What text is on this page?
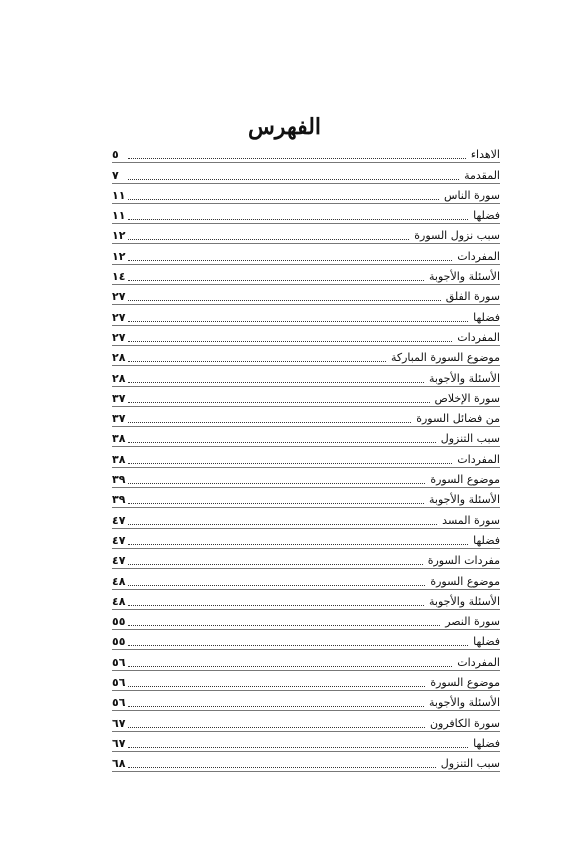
الفهرس
الاهداء
٥
المقدمة
٧
سورة الناس
١١
فضلها
١١
سبب نزول السورة
١٢
المفردات
١٢
الأسئلة والأجوبة
١٤
سورة الفلق
٢٧
فضلها
٢٧
المفردات
٢٧
موضوع السورة المباركة
٢٨
الأسئلة والأجوبة
٢٨
سورة الإخلاص
٣٧
من فضائل السورة
٣٧
سبب التنزول
٣٨
المفردات
٣٨
موضوع السورة
٣٩
الأسئلة والأجوبة
٣٩
سورة المسد
٤٧
فضلها
٤٧
مفردات السورة
٤٧
موضوع السورة
٤٨
الأسئلة والأجوبة
٤٨
سورة النصر
٥٥
فضلها
٥٥
المفردات
٥٦
موضوع السورة
٥٦
الأسئلة والأجوبة
٥٦
سورة الكافرون
٦٧
فضلها
٦٧
سبب التنزول
٦٨
